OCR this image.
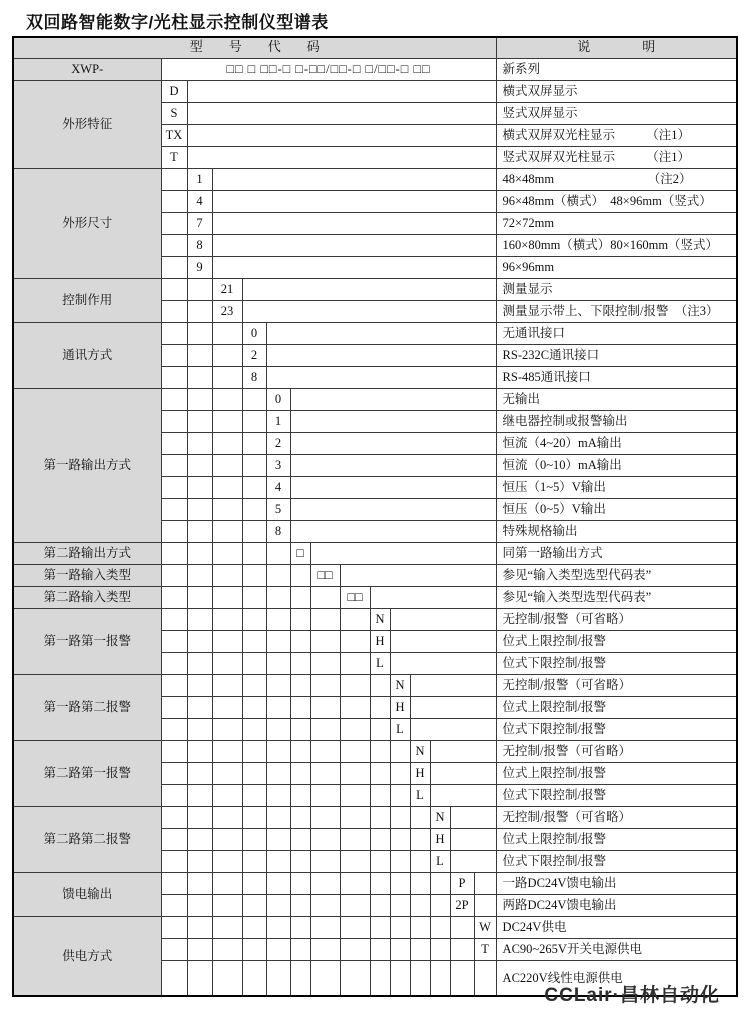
双回路智能数字/光柱显示控制仪型谱表
型　　号　　代　　码															说　　　　明
XWP-	□□ □ □□-□ □-□□/□□-□ □/□□-□ □□														新系列
外形特征	D														横式双屏显示
	S														竖式双屏显示
	TX														横式双屏双光柱显示　　　（注1）
	T														竖式双屏双光柱显示　　　（注1）
外形尺寸		1													48×48mm　　　　　　　　（注2）
		4													96×48mm（横式）　48×96mm（竖式）
		7													72×72mm
		8													160×80mm（横式）80×160mm（竖式）
		9													96×96mm
控制作用			21												测量显示
			23												测量显示带上、下限控制/报警　（注3）
通讯方式				0											无通讯接口
				2											RS-232C通讯接口
				8											RS-485通讯接口
第一路输出方式					0										无输出
					1										继电器控制或报警输出
					2										恒流（4~20）mA输出
					3										恒流（0~10）mA输出
					4										恒压（1~5）V输出
					5										恒压（0~5）V输出
					8										特殊规格输出
第二路输出方式						□									同第一路输出方式
第一路输入类型							□□								参见“输入类型选型代码表”
第二路输入类型								□□							参见“输入类型选型代码表”
第一路第一报警									N						无控制/报警（可省略）
									H						位式上限控制/报警
									L						位式下限控制/报警
第一路第二报警										N					无控制/报警（可省略）
										H					位式上限控制/报警
										L					位式下限控制/报警
第二路第一报警											N				无控制/报警（可省略）
											H				位式上限控制/报警
											L				位式下限控制/报警
第二路第二报警												N			无控制/报警（可省略）
												H			位式上限控制/报警
												L			位式下限控制/报警
馈电输出													P		一路DC24V馈电输出
													2P		两路DC24V馈电输出
供电方式														W	DC24V供电
														T	AC90~265V开关电源供电
															AC220V线性电源供电
CCLair·昌林自动化
